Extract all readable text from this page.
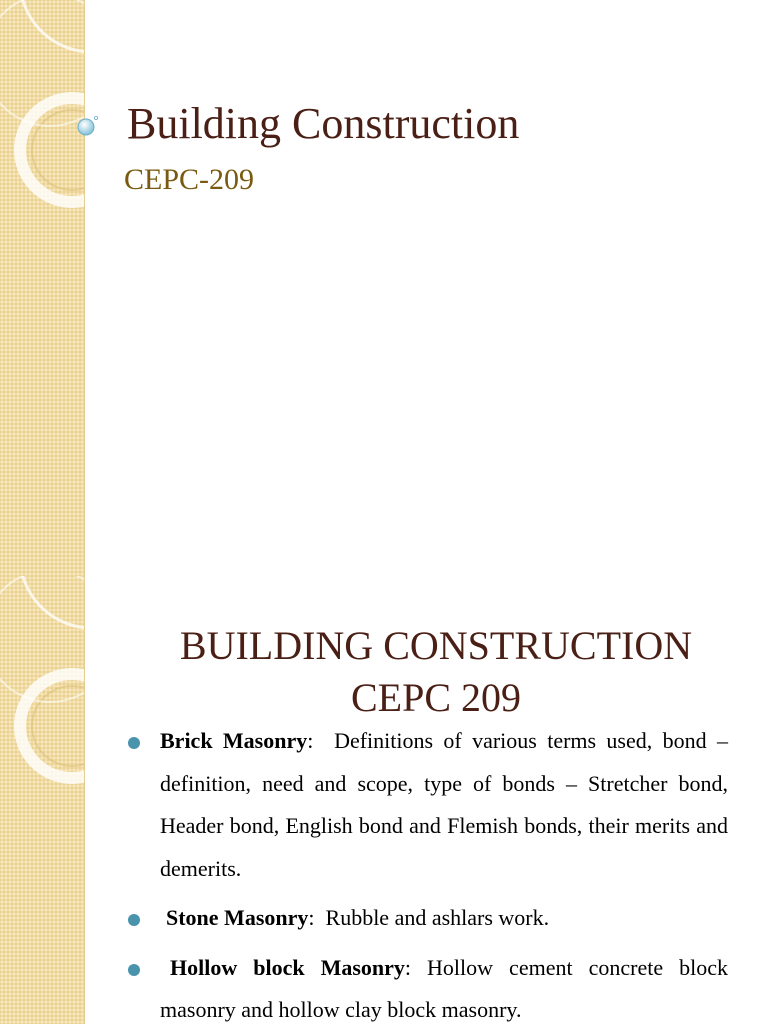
Building Construction
CEPC-209
BUILDING CONSTRUCTION
CEPC 209
Brick Masonry:  Definitions of various terms used, bond – definition, need and scope, type of bonds – Stretcher bond, Header bond, English bond and Flemish bonds, their merits and demerits.
Stone Masonry:  Rubble and ashlars work.
Hollow block Masonry: Hollow cement concrete block masonry and hollow clay block masonry.
